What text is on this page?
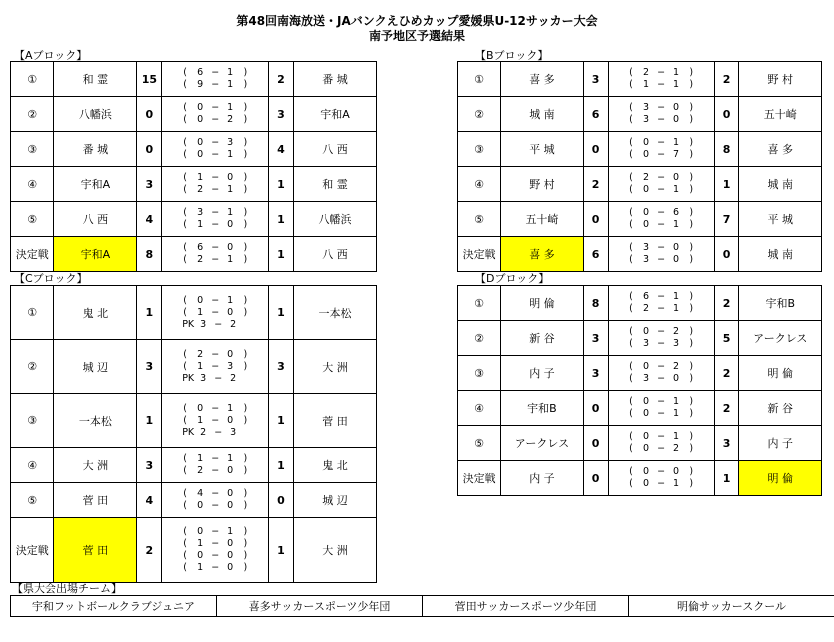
第48回南海放送・JAバンクえひめカップ愛媛県U-12サッカー大会
南予地区予選結果
【Aブロック】	【Bブロック】
【Cブロック】	【Dブロック】
①	和 霊	15	( 6 − 1 )
( 9 − 1 )	2	番 城
②	八幡浜	0	( 0 − 1 )
( 0 − 2 )	3	宇和A
③	番 城	0	( 0 − 3 )
( 0 − 1 )	4	八 西
④	宇和A	3	( 1 − 0 )
( 2 − 1 )	1	和 霊
⑤	八 西	4	( 3 − 1 )
( 1 − 0 )	1	八幡浜
決定戦	宇和A	8	( 6 − 0 )
( 2 − 1 )	1	八 西
①	喜 多	3	( 2 − 1 )
( 1 − 1 )	2	野 村
②	城 南	6	( 3 − 0 )
( 3 − 0 )	0	五十崎
③	平 城	0	( 0 − 1 )
( 0 − 7 )	8	喜 多
④	野 村	2	( 2 − 0 )
( 0 − 1 )	1	城 南
⑤	五十崎	0	( 0 − 6 )
( 0 − 1 )	7	平 城
決定戦	喜 多	6	( 3 − 0 )
( 3 − 0 )	0	城 南
①	鬼 北	1	( 0 − 1 )
( 1 − 0 )
PK 3 − 2	1	一本松
②	城 辺	3	( 2 − 0 )
( 1 − 3 )
PK 3 − 2	3	大 洲
③	一本松	1	( 0 − 1 )
( 1 − 0 )
PK 2 − 3	1	菅 田
④	大 洲	3	( 1 − 1 )
( 2 − 0 )	1	鬼 北
⑤	菅 田	4	( 4 − 0 )
( 0 − 0 )	0	城 辺
決定戦	菅 田	2	( 0 − 1 )
( 1 − 0 )
( 0 − 0 )
( 1 − 0 )	1	大 洲
①	明 倫	8	( 6 − 1 )
( 2 − 1 )	2	宇和B
②	新 谷	3	( 0 − 2 )
( 3 − 3 )	5	アークレス
③	内 子	3	( 0 − 2 )
( 3 − 0 )	2	明 倫
④	宇和B	0	( 0 − 1 )
( 0 − 1 )	2	新 谷
⑤	アークレス	0	( 0 − 1 )
( 0 − 2 )	3	内 子
決定戦	内 子	0	( 0 − 0 )
( 0 − 1 )	1	明 倫
【県大会出場チーム】
宇和フットボールクラブジュニア	喜多サッカースポーツ少年団	菅田サッカースポーツ少年団	明倫サッカースクール
